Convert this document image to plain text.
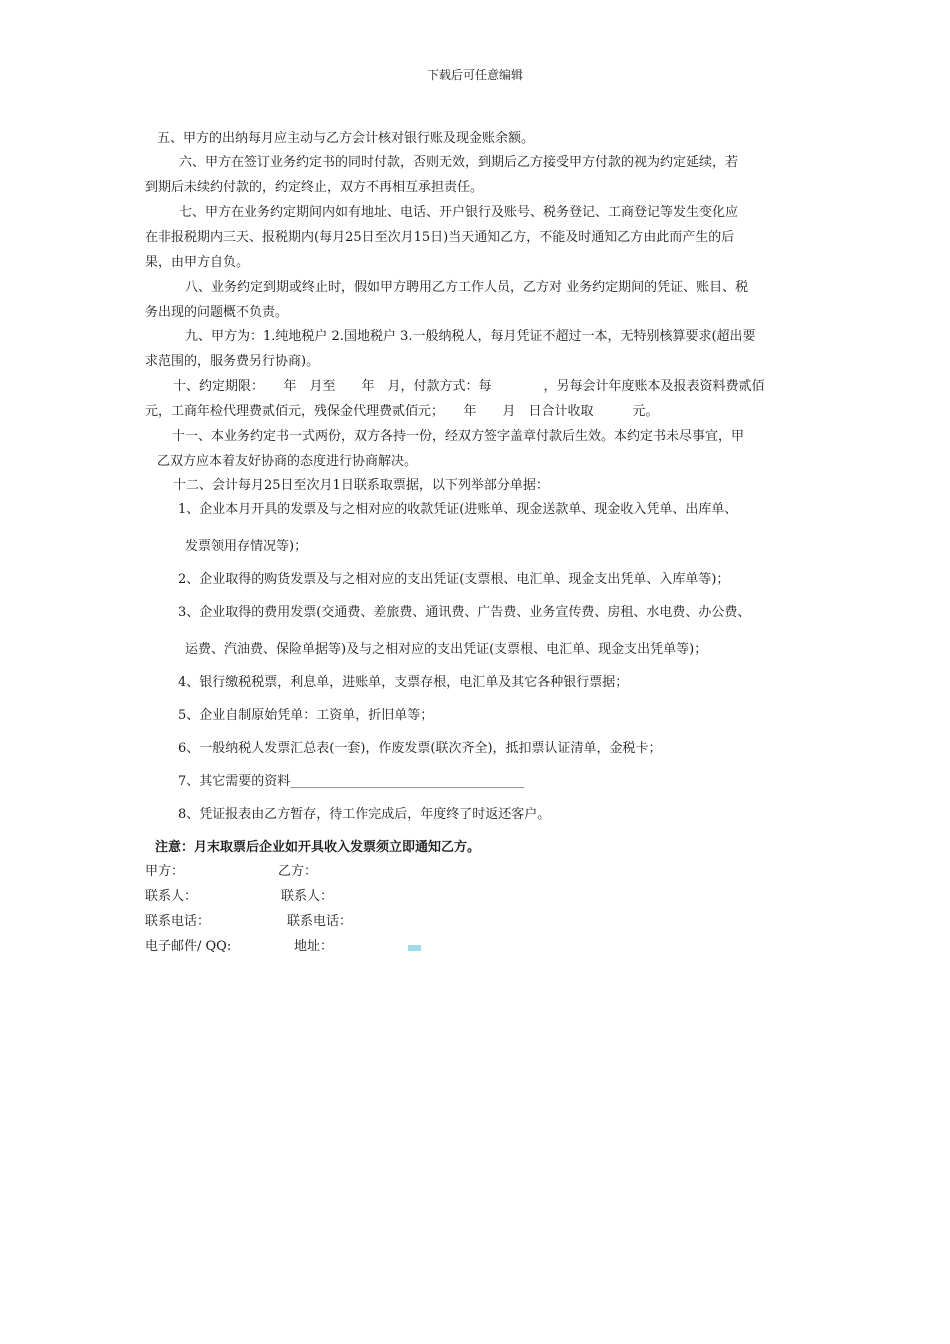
下载后可任意编辑
五、甲方的出纳每月应主动与乙方会计核对银行账及现金账余额。
六、甲方在签订业务约定书的同时付款，否则无效，到期后乙方接受甲方付款的视为约定延续，若
到期后未续约付款的，约定终止，双方不再相互承担责任。
七、甲方在业务约定期间内如有地址、电话、开户银行及账号、税务登记、工商登记等发生变化应
在非报税期内三天、报税期内(每月25日至次月15日)当天通知乙方，不能及时通知乙方由此而产生的后
果，由甲方自负。
八、业务约定到期或终止时，假如甲方聘用乙方工作人员，乙方对 业务约定期间的凭证、账目、税
务出现的问题概不负责。
九、甲方为：1.纯地税户 2.国地税户 3.一般纳税人，每月凭证不超过一本，无特别核算要求(超出要
求范围的，服务费另行协商)。
十、约定期限：　　年　月至　　年　月，付款方式：每　　　　，另每会计年度账本及报表资料费贰佰
元，工商年检代理费贰佰元，残保金代理费贰佰元；　　年　　月　日合计收取　　　元。
十一、本业务约定书一式两份，双方各持一份，经双方签字盖章付款后生效。本约定书未尽事宜，甲
乙双方应本着友好协商的态度进行协商解决。
十二、会计每月25日至次月1日联系取票据，以下列举部分单据：
1、企业本月开具的发票及与之相对应的收款凭证(进账单、现金送款单、现金收入凭单、出库单、
发票领用存情况等)；
2、企业取得的购货发票及与之相对应的支出凭证(支票根、电汇单、现金支出凭单、入库单等)；
3、企业取得的费用发票(交通费、差旅费、通讯费、广告费、业务宣传费、房租、水电费、办公费、
运费、汽油费、保险单据等)及与之相对应的支出凭证(支票根、电汇单、现金支出凭单等)；
4、银行缴税税票，利息单，进账单，支票存根，电汇单及其它各种银行票据；
5、企业自制原始凭单：工资单，折旧单等；
6、一般纳税人发票汇总表(一套)，作废发票(联次齐全)，抵扣票认证清单，金税卡；
7、其它需要的资料____________________________________
8、凭证报表由乙方暂存，待工作完成后，年度终了时返还客户。
注意：月末取票后企业如开具收入发票须立即通知乙方。
甲方：	乙方：
联系人：	联系人：
联系电话：	联系电话：
电子邮件/ QQ:	地址：
